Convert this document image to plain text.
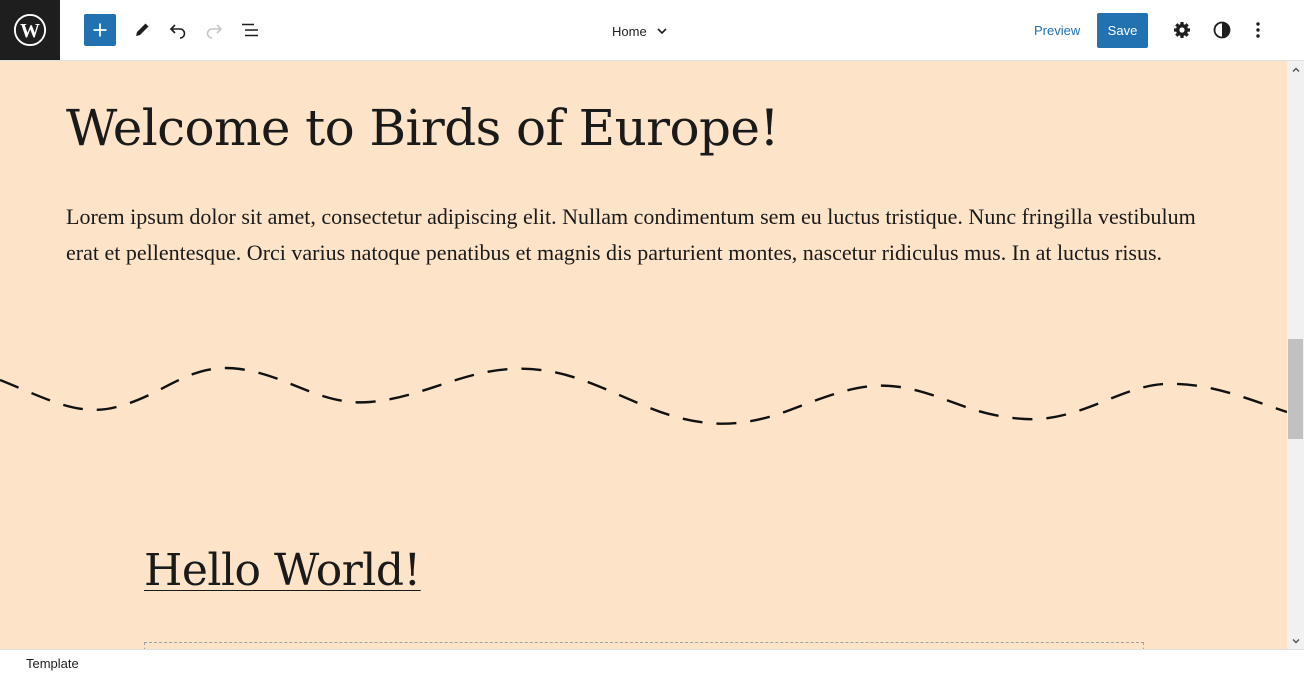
W	Home	Preview	Save
Welcome to Birds of Europe!

Lorem ipsum dolor sit amet, consectetur adipiscing elit. Nullam condimentum sem eu luctus tristique. Nunc fringilla vestibulum erat et pellentesque. Orci varius natoque penatibus et magnis dis parturient montes, nascetur ridiculus mus. In at luctus risus.

Hello World!
Template
